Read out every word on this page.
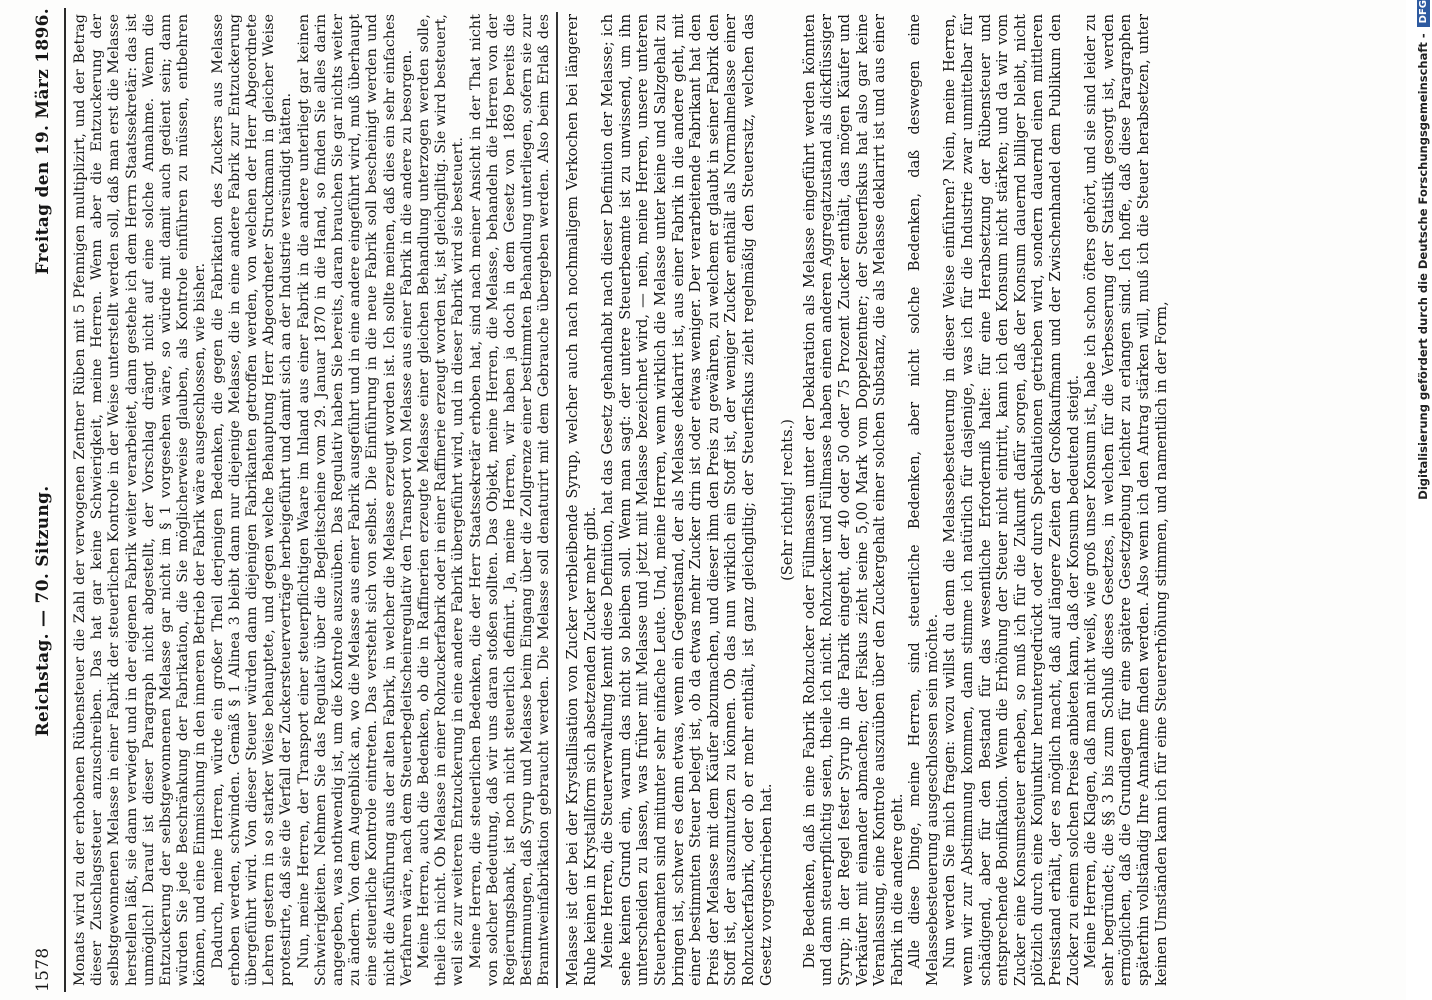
1578
Reichstag. — 70. Sitzung.
Freitag den 19. März 1896. Monats wird zu der erhobenen Rübensteuer die Zahl der verwogenen Zentner Rüben mit 5 Pfennigen multiplizirt, und der Betrag dieser Zuschlagssteuer anzuschreiben. Das hat gar keine Schwierigkeit, meine Herren. Wenn aber die Entzuckerung der selbstgewonnenen Melasse in einer Fabrik der steuerlichen Kontrole in der Weise unterstellt werden soll, daß man erst die Melasse herstellen läßt, sie dann verwiegt und in der eigenen Fabrik weiter verarbeitet, dann gestehe ich dem Herrn Staatssekretär: das ist unmöglich! Darauf ist dieser Paragraph nicht abgestellt, der Vorschlag drängt nicht auf eine solche Annahme. Wenn die Entzuckerung der selbstgewonnenen Melasse gar nicht im § 1 vorgesehen wäre, so würde mit damit auch gedient sein; dann würden Sie jede Beschränkung der Fabrikation, die Sie möglicherweise glauben, als Kontrole einführen zu müssen, entbehren können, und eine Einmischung in den inneren Betrieb der Fabrik wäre ausgeschlossen, wie bisher. Dadurch, meine Herren, würde ein großer Theil derjenigen Bedenken, die gegen die Fabrikation des Zuckers aus Melasse erhoben werden, schwinden. Gemäß § 1 Alinea 3 bleibt dann nur diejenige Melasse, die in eine andere Fabrik zur Entzuckerung übergeführt wird. Von dieser Steuer würden dann diejenigen Fabrikanten getroffen werden, von welchen der Herr Abgeordnete Lehren gestern in so starker Weise behauptete, und gegen welche Behauptung Herr Abgeordneter Struckmann in gleicher Weise protestirte, daß sie die Verfall der Zuckersteuerverträge herbeigeführt und damit sich an der Industrie versündigt hätten. Nun, meine Herren, der Transport einer steuerpflichtigen Waare im Inland aus einer Fabrik in die andere unterliegt gar keinen Schwierigkeiten. Nehmen Sie das Regulativ über die Begleitscheine vom 29. Januar 1870 in die Hand, so finden Sie alles darin angegeben, was nothwendig ist, um die Kontrole auszuüben. Das Regulativ haben Sie bereits, daran brauchen Sie gar nichts weiter zu ändern. Von dem Augenblick an, wo die Melasse aus einer Fabrik ausgeführt und in eine andere eingeführt wird, muß überhaupt eine steuerliche Kontrole eintreten. Das versteht sich von selbst. Die Einführung in die neue Fabrik soll bescheinigt werden und nicht die Ausführung aus der alten Fabrik, in welcher die Melasse erzeugt worden ist. Ich sollte meinen, daß dies ein sehr einfaches Verfahren wäre, nach dem Steuerbegleitscheinregulativ den Transport von Melasse aus einer Fabrik in die andere zu besorgen. Meine Herren, auch die Bedenken, ob die in Raffinerien erzeugte Melasse einer gleichen Behandlung unterzogen werden solle, theile ich nicht. Ob Melasse in einer Rohzuckerfabrik oder in einer Raffinerie erzeugt worden ist, ist gleichgiltig. Sie wird besteuert, weil sie zur weiteren Entzuckerung in eine andere Fabrik übergeführt wird, und in dieser Fabrik wird sie besteuert. Meine Herren, die steuerlichen Bedenken, die der Herr Staatssekretär erhoben hat, sind nach meiner Ansicht in der That nicht von solcher Bedeutung, daß wir uns daran stoßen sollten. Das Objekt, meine Herren, die Melasse, behandeln die Herren von der Regierungsbank, ist noch nicht steuerlich definirt. Ja, meine Herren, wir haben ja doch in dem Gesetz von 1869 bereits die Bestimmungen, daß Syrup und Melasse beim Eingang über die Zollgrenze einer bestimmten Behandlung unterliegen, sofern sie zur Branntweinfabrikation gebraucht werden. Die Melasse soll denaturirt mit dem Gebrauche übergeben werden. Also beim Erlaß des Melasse ist der bei der Krystallisation von Zucker verbleibende Syrup, welcher auch nach nochmaligem Verkochen bei längerer Ruhe keinen in Krystallform sich absetzenden Zucker mehr gibt. Meine Herren, die Steuerverwaltung kennt diese Definition, hat das Gesetz gehandhabt nach dieser Definition der Melasse; ich sehe keinen Grund ein, warum das nicht so bleiben soll. Wenn man sagt: der untere Steuerbeamte ist zu unwissend, um ihn unterscheiden zu lassen, was früher mit Melasse und jetzt mit Melasse bezeichnet wird, — nein, meine Herren, unsere unteren Steuerbeamten sind mitunter sehr einfache Leute. Und, meine Herren, wenn wirklich die Melasse unter keine und Salzgehalt zu bringen ist, schwer es denn etwas, wenn ein Gegenstand, der als Melasse deklarirt ist, aus einer Fabrik in die andere geht, mit einer bestimmten Steuer belegt ist, ob da etwas mehr Zucker drin ist oder etwas weniger. Der verarbeitende Fabrikant hat den Preis der Melasse mit dem Käufer abzumachen, und dieser ihm den Preis zu gewähren, zu welchem er glaubt in seiner Fabrik den Stoff ist, der auszunutzen zu können. Ob das nun wirklich ein Stoff ist, der weniger Zucker enthält als Normalmelasse einer Rohzuckerfabrik, oder ob er mehr enthält, ist ganz gleichgiltig; der Steuerfiskus zieht regelmäßig den Steuersatz, welchen das Gesetz vorgeschrieben hat.

(Sehr richtig! rechts.) Die Bedenken, daß in eine Fabrik Rohzucker oder Füllmassen unter der Deklaration als Melasse eingeführt werden könnten und dann steuerpflichtig seien, theile ich nicht. Rohzucker und Füllmasse haben einen anderen Aggregatzustand als dickflüssiger Syrup; in der Regel fester Syrup in die Fabrik eingeht, der 40 oder 50 oder 75 Prozent Zucker enthält, das mögen Käufer und Verkäufer mit einander abmachen; der Fiskus zieht seine 5,00 Mark vom Doppelzentner; der Steuerfiskus hat also gar keine Veranlassung, eine Kontrole auszuüben über den Zuckergehalt einer solchen Substanz, die als Melasse deklarirt ist und aus einer Fabrik in die andere geht. Alle diese Dinge, meine Herren, sind steuerliche Bedenken, aber nicht solche Bedenken, daß deswegen eine Melassebesteuerung ausgeschlossen sein möchte. Nun werden Sie mich fragen: wozu willst du denn die Melassebesteuerung in dieser Weise einführen? Nein, meine Herren, wenn wir zur Abstimmung kommen, dann stimme ich natürlich für dasjenige, was ich für die Industrie zwar unmittelbar für schädigend, aber für den Bestand für das wesentliche Erforderniß halte: für eine Herabsetzung der Rübensteuer und entsprechende Bonifikation. Wenn die Erhöhung der Steuer nicht eintritt, kann ich den Konsum nicht stärken; und da wir vom Zucker eine Konsumsteuer erheben, so muß ich für die Zukunft dafür sorgen, daß der Konsum dauernd billiger bleibt, nicht plötzlich durch eine Konjunktur heruntergedrückt oder durch Spekulationen getrieben wird, sondern dauernd einen mittleren Preisstand erhält, der es möglich macht, daß auf längere Zeiten der Großkaufmann und der Zwischenhandel dem Publikum den Zucker zu einem solchen Preise anbieten kann, daß der Konsum bedeutend steigt. Meine Herren, die Klagen, daß man nicht weiß, wie groß unser Konsum ist, habe ich schon öfters gehört, und sie sind leider zu sehr begründet; die §§ 3 bis zum Schluß dieses Gesetzes, in welchen für die Verbesserung der Statistik gesorgt ist, werden ermöglichen, daß die Grundlagen für eine spätere Gesetzgebung leichter zu erlangen sind. Ich hoffe, daß diese Paragraphen späterhin vollständig Ihre Annahme finden werden. Also wenn ich den Antrag stärken will, muß ich die Steuer herabsetzen, unter keinen Umständen kann ich für eine Steuererhöhung stimmen, und namentlich in der Form,

Digitalisierung gefördert durch die Deutsche Forschungsgemeinschaft -
DFG
